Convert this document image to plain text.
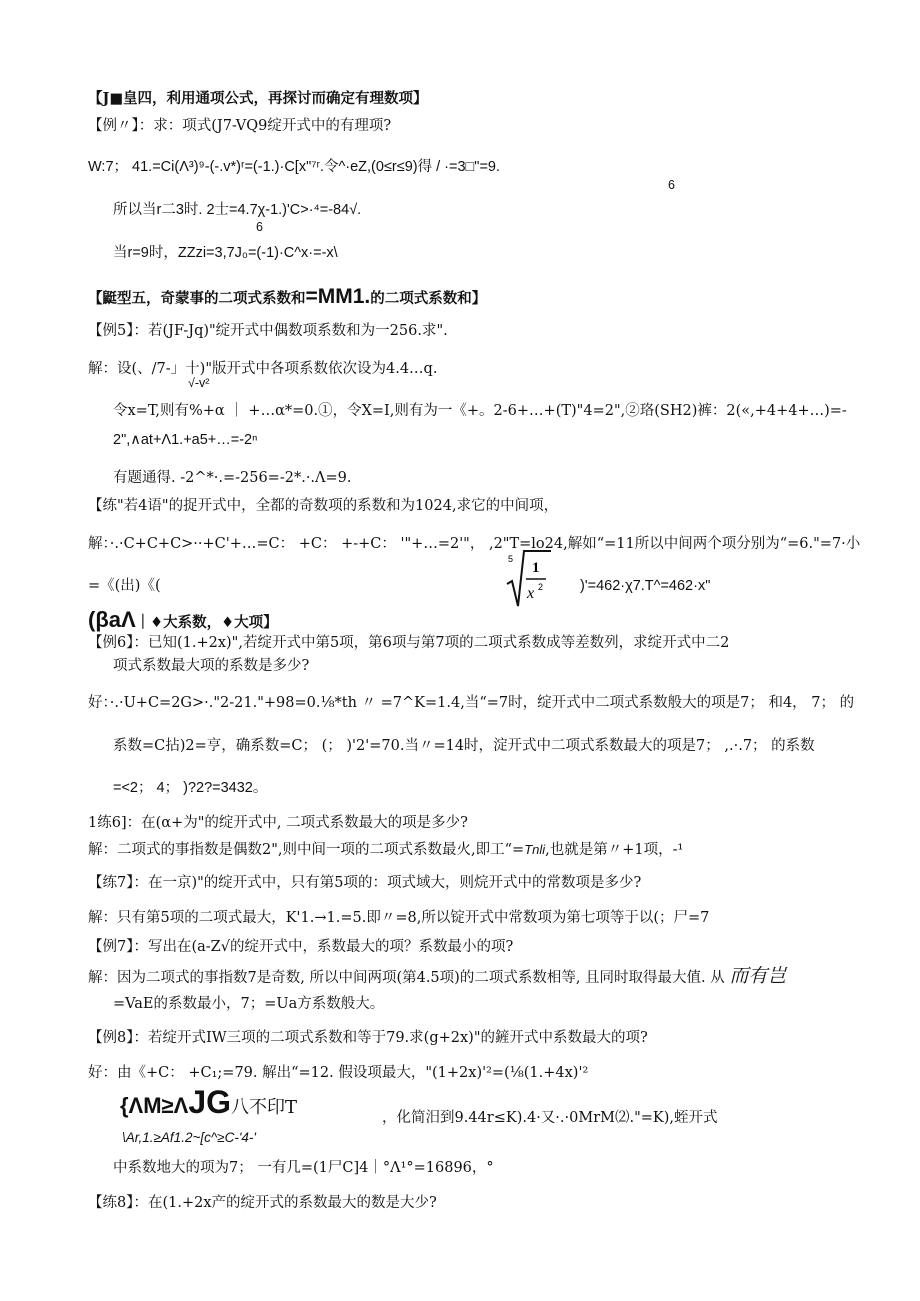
【J■皇四，利用通项公式，再探讨而确定有理数项】
【例〃】：求：项式(J7-VQ9绽开式中的有理项?
W:7； 41.=Ci(Λ³)⁹-(-.v*)ʳ=(-1.)·C[x"⁷ʳ.令^·eZ,(0≤r≤9)得 / ·=3□"=9.
6
所以当r二3时. 2士=4.7χ-1.)'C>·⁴=-84√.
6
当r=9时，ZZzi=3,7J₀=(-1)·C^x·=-x\
【鼮型五，奇蒙事的二项式系数和=MM1.的二项式系数和】
【例5】：若(JF-Jq)"绽开式中偶数项系数和为一256.求".
解：设(、/7-」十)"版开式中各项系数依次设为4.4…q.
√-v²
令x=T,则有%+α ｜ +…α*=0.①，令X=I,则有为一《+。2-6+…+(T)"4=2",②珞(SH2)裤：2(«,+4+4+…)=-
2",∧at+Λ1.+a5+…=-2ⁿ
有题通得. -2^*·.=-256=-2*.·.Λ=9.
【练"若4语"的捉开式中，全都的奇数项的系数和为1024,求它的中间项，
解：·.·C+C+C>··+C'+…=C： +C： +-+C： '"+…=2'"， ,2"T=lo24,解如“=11所以中间两个项分别为“=6."=7·小
=《(出)《(
5
1
x 2	)'=462·χ7.T^=462·x"
(βaΛ｜♦大系数，♦大项】
【例6】：已知(1.+2x)",若绽开式中第5项，第6项与第7项的二项式系数成等差数列，求绽开式中二2
项式系数最大项的系数是多少?
好：·.·U+C=2G>·."2-21."+98=0.⅛*th 〃 =7^K=1.4,当“=7时，绽开式中二项式系数般大的项是7； 和4， 7； 的
系数=C拈)2=亨，确系数=C； (； )'2'=70.当〃=14时，淀开式中二项式系数最大的项是7； ,.·.7； 的系数
=<2； 4； )?2?=3432。
1练6]：在(α+为"的绽开式中, 二项式系数最大的项是多少?
解：二项式的事指数是偶数2",则中间一项的二项式系数最火,即工“=Tnli,也就是第〃+1项，-¹
【练7】：在一京)"的绽开式中，只有第5项的：项式域大，则烷开式中的常数项是多少?
解：只有第5项的二项式最大，K'1.→1.=5.即〃=8,所以锭开式中常数项为第七项等于以(；尸=7
【例7】：写出在(a-Z√的绽开式中，系数最大的项？系数最小的项?
解：因为二项式的事指数7是奇数, 所以中间两项(第4.5项)的二项式系数相等, 且同时取得最大值. 从 而有岂
=VaE的系数最小，7；=Ua方系数般大。
【例8】：若绽开式IW三项的二项式系数和等于79.求(g+2x)"的鏟开式中系数最大的项?
好：由《+C： +C₁;=79. 解出“=12. 假设项最大，"(1+2x)'²=(⅛(1.+4x)'²
{ΛM≥ΛJG八不印T	，化简汨到9.44r≤K).4·又·.·0MrM⑵."=K),蛭开式
\Ar,1.≥Af1.2~[c^≥C-'4-'
中系数地大的项为7； 一有几=(1尸C]4｜°Λ¹°=16896，°
【练8】：在(1.+2x产的绽开式的系数最大的数是大少?
